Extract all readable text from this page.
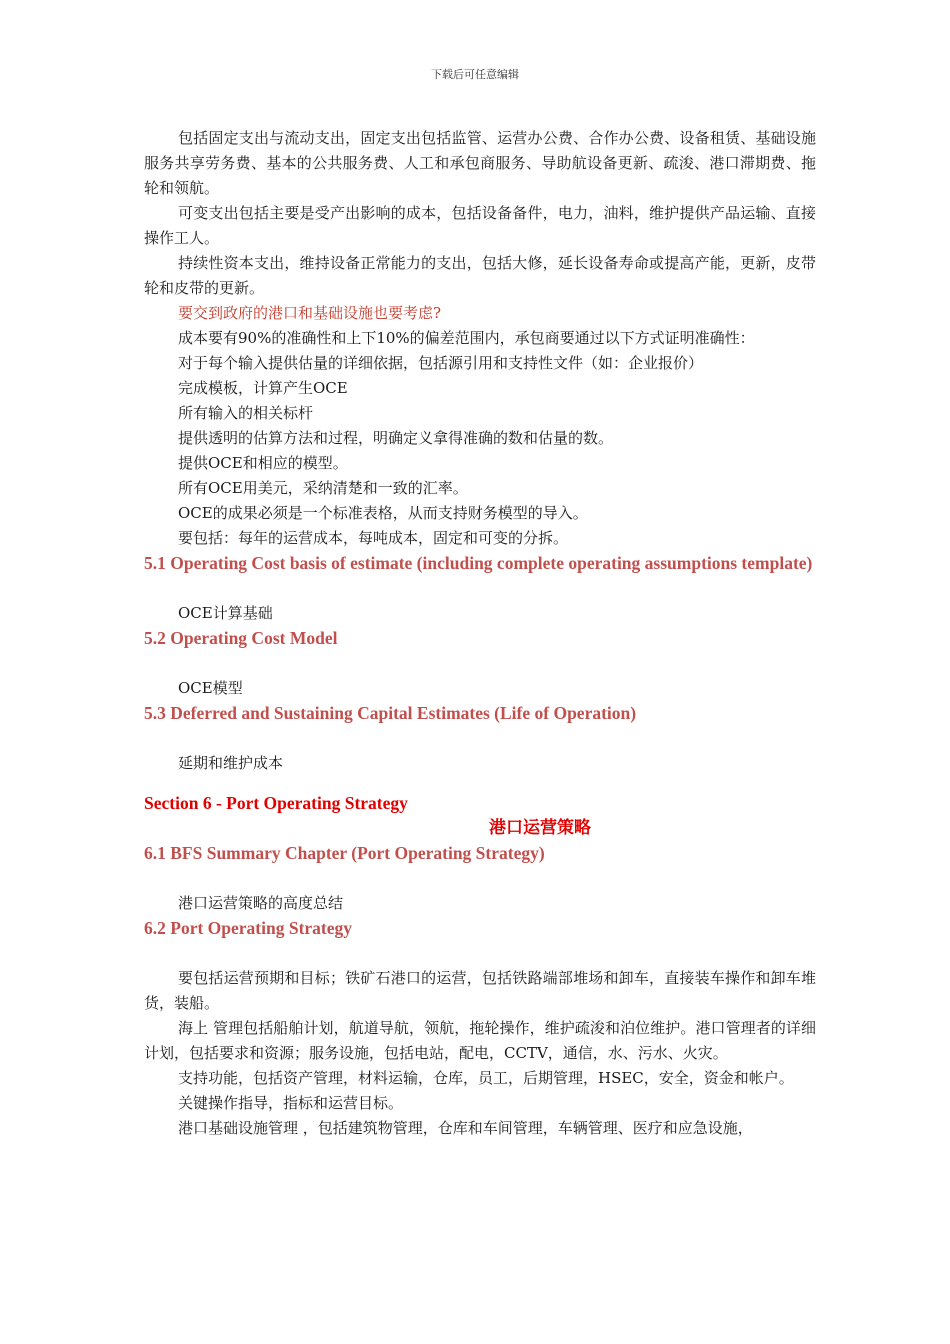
下载后可任意编辑

包括固定支出与流动支出，固定支出包括监管、运营办公费、合作办公费、设备租赁、基础设施服务共享劳务费、基本的公共服务费、人工和承包商服务、导助航设备更新、疏浚、港口滞期费、拖轮和领航。

可变支出包括主要是受产出影响的成本，包括设备备件，电力，油料，维护提供产品运输、直接操作工人。

持续性资本支出，维持设备正常能力的支出，包括大修，延长设备寿命或提高产能，更新，皮带轮和皮带的更新。

要交到政府的港口和基础设施也要考虑?

成本要有90%的准确性和上下10%的偏差范围内，承包商要通过以下方式证明准确性：

对于每个输入提供估量的详细依据，包括源引用和支持性文件（如：企业报价）

完成模板，计算产生OCE

所有输入的相关标杆

提供透明的估算方法和过程，明确定义拿得准确的数和估量的数。

提供OCE和相应的模型。

所有OCE用美元，采纳清楚和一致的汇率。

OCE的成果必须是一个标准表格，从而支持财务模型的导入。

要包括：每年的运营成本，每吨成本，固定和可变的分拆。

5.1 Operating Cost basis of estimate (including complete operating assumptions template)

OCE计算基础

5.2 Operating Cost Model

OCE模型

5.3 Deferred and Sustaining Capital Estimates (Life of Operation)

延期和维护成本

Section 6 - Port Operating Strategy
港口运营策略
6.1 BFS Summary Chapter (Port Operating Strategy)

港口运营策略的高度总结

6.2 Port Operating Strategy

要包括运营预期和目标；铁矿石港口的运营，包括铁路端部堆场和卸车，直接装车操作和卸车堆货，装船。

海上 管理包括船舶计划，航道导航，领航，拖轮操作，维护疏浚和泊位维护。港口管理者的详细计划，包括要求和资源；服务设施，包括电站，配电，CCTV，通信，水、污水、火灾。

支持功能，包括资产管理，材料运输，仓库，员工，后期管理，HSEC，安全，资金和帐户。

关键操作指导，指标和运营目标。

港口基础设施管理 ，包括建筑物管理，仓库和车间管理，车辆管理、医疗和应急设施，
